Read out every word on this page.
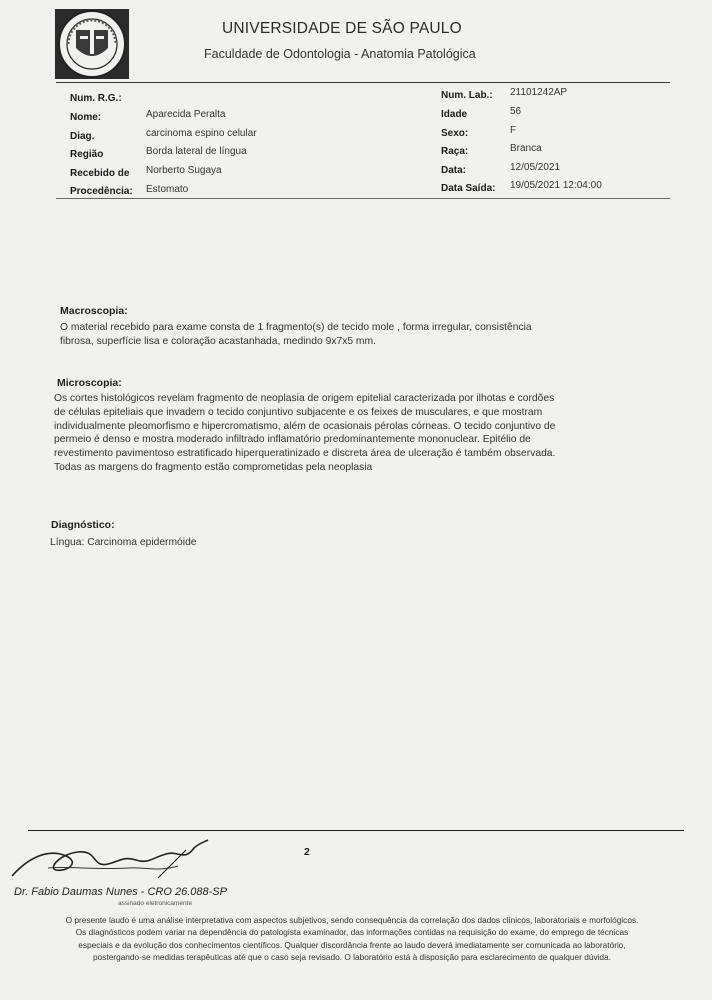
UNIVERSIDADE DE SÃO PAULO
Faculdade de Odontologia - Anatomia Patológica
Num. R.G.:
Nome:	Aparecida Peralta
Diag.	carcinoma espino celular
Região	Borda lateral de língua
Recebido de Norberto Sugaya
Procedência: Estomato
Num. Lab.: 21101242AP
Idade	56
Sexo:	F
Raça:	Branca
Data:	12/05/2021
Data Saída: 19/05/2021 12:04:00
Macroscopia:
O material recebido para exame consta de 1 fragmento(s) de tecido mole , forma irregular, consistência
fibrosa, superfície lisa e coloração acastanhada, medindo 9x7x5 mm.
Microscopia:
Os cortes histológicos revelam fragmento de neoplasia de origem epitelial caracterizada por ilhotas e cordões
de células epiteliais que invadem o tecido conjuntivo subjacente e os feixes de musculares, e que mostram
individualmente pleomorfismo e hipercromatismo, além de ocasionais pérolas córneas. O tecido conjuntivo de
permeio é denso e mostra moderado infiltrado inflamatório predominantemente mononuclear. Epitélio de
revestimento pavimentoso estratificado hiperqueratinizado e discreta área de ulceração é também observada.
Todas as margens do fragmento estão comprometidas pela neoplasia
Diagnóstico:
Língua: Carcinoma epidermóide
2
Dr. Fabio Daumas Nunes - CRO 26.088-SP
assinado eletronicamente
O presente laudo é uma análise interpretativa com aspectos subjetivos, sendo consequência da correlação dos dados clínicos, laboratoriais e morfológicos.
Os diagnósticos podem variar na dependência do patologista examinador, das informações contidas na requisição do exame, do emprego de técnicas
especiais e da evolução dos conhecimentos científicos. Qualquer discordância frente ao laudo deverá imediatamente ser comunicada ao laboratório,
postergando-se medidas terapêuticas até que o caso seja revisado. O laboratório está à disposição para esclarecimento de qualquer dúvida.
